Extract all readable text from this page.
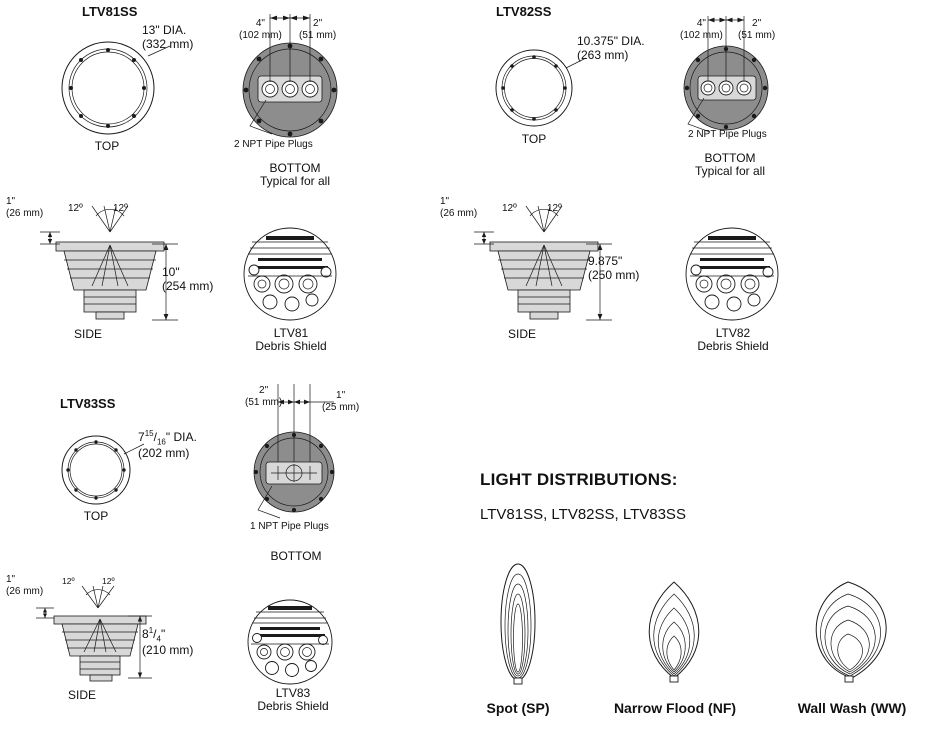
LTV81SS
13" DIA.
(332 mm)
TOP
4"
(102 mm)
2"
(51 mm)
2 NPT Pipe Plugs
BOTTOM
Typical for all
1"
(26 mm) 12º	12º
10"
(254 mm)
SIDE	LTV81
Debris Shield
LTV82SS
10.375" DIA.
(263 mm)
TOP
4"
(102 mm)
2"
(51 mm)
2 NPT Pipe Plugs
BOTTOM
Typical for all
1"
(26 mm) 12º	12º
9.875"
(250 mm)
SIDE	LTV82
Debris Shield
LTV83SS
$7^{15}/_{16}$" DIA.
(202 mm)
TOP
2"
(51 mm)
1"
(25 mm)
1 NPT Pipe Plugs
BOTTOM
1"
(26 mm)
12º	12º
$8^1/_4$"
(210 mm)
SIDE	LTV83
Debris Shield
LIGHT DISTRIBUTIONS:
LTV81SS, LTV82SS, LTV83SS
Spot (SP)	Narrow Flood (NF)	Wall Wash (WW)
